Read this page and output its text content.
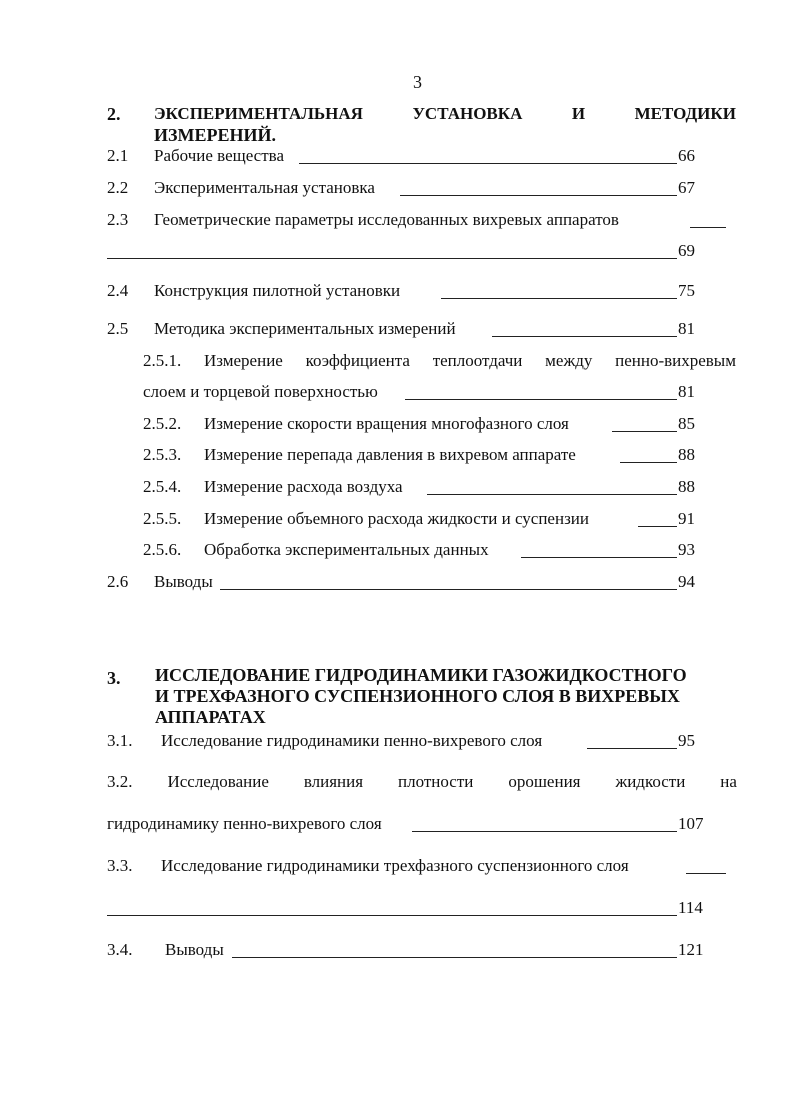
3
2. ЭКСПЕРИМЕНТАЛЬНАЯ	УСТАНОВКА	И	МЕТОДИКИ
ИЗМЕРЕНИЙ.
2.1 Рабочие вещества	66
2.2 Экспериментальная установка	67
2.3 Геометрические параметры исследованных вихревых аппаратов
69
2.4 Конструкция пилотной установки	75
2.5 Методика экспериментальных измерений	81
2.5.1. Измерение коэффициента теплоотдачи между пенно-вихревым
слоем и торцевой поверхностью	81
2.5.2. Измерение скорости вращения многофазного слоя	85
2.5.3. Измерение перепада давления в вихревом аппарате	88
2.5.4. Измерение расхода воздуха	88
2.5.5. Измерение объемного расхода жидкости и суспензии	91
2.5.6. Обработка экспериментальных данных	93
2.6 Выводы	94
3. ИССЛЕДОВАНИЕ ГИДРОДИНАМИКИ ГАЗОЖИДКОСТНОГО
И ТРЕХФАЗНОГО СУСПЕНЗИОННОГО СЛОЯ В ВИХРЕВЫХ
АППАРАТАХ
3.1. Исследование гидродинамики пенно-вихревого слоя	95
3.2. Исследование влияния плотности орошения жидкости на
гидродинамику пенно-вихревого слоя	107
3.3. Исследование гидродинамики трехфазного суспензионного слоя
114
3.4. Выводы	121
